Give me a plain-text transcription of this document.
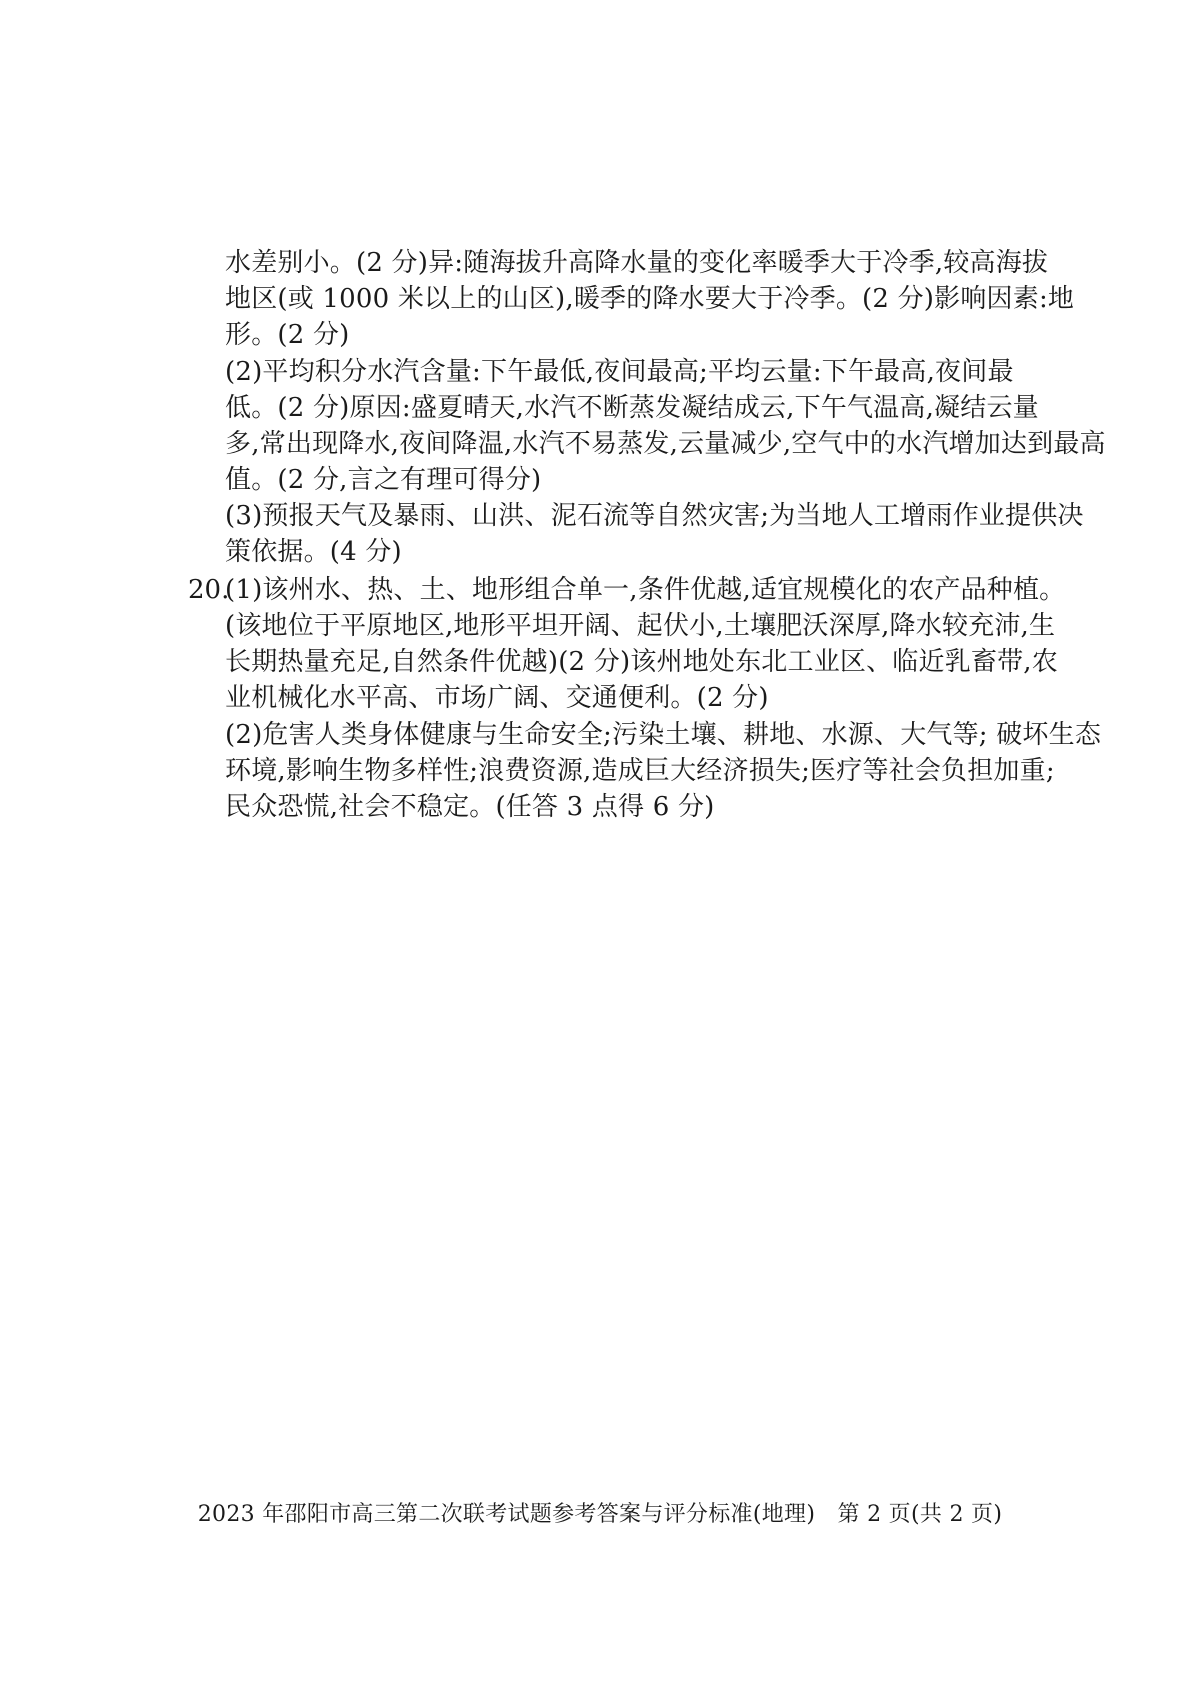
水差别小。(2 分)异:随海拔升高降水量的变化率暖季大于冷季,较高海拔
地区(或 1000 米以上的山区),暖季的降水要大于冷季。(2 分)影响因素:地
形。(2 分)
(2)平均积分水汽含量:下午最低,夜间最高;平均云量:下午最高,夜间最
低。(2 分)原因:盛夏晴天,水汽不断蒸发凝结成云,下午气温高,凝结云量
多,常出现降水,夜间降温,水汽不易蒸发,云量减少,空气中的水汽增加达到最高
值。(2 分,言之有理可得分)
(3)预报天气及暴雨、山洪、泥石流等自然灾害;为当地人工增雨作业提供决
策依据。(4 分)
20.
(1)该州水、热、土、地形组合单一,条件优越,适宜规模化的农产品种植。
(该地位于平原地区,地形平坦开阔、起伏小,土壤肥沃深厚,降水较充沛,生
长期热量充足,自然条件优越)(2 分)该州地处东北工业区、临近乳畜带,农
业机械化水平高、市场广阔、交通便利。(2 分)
(2)危害人类身体健康与生命安全;污染土壤、耕地、水源、大气等; 破坏生态
环境,影响生物多样性;浪费资源,造成巨大经济损失;医疗等社会负担加重;
民众恐慌,社会不稳定。(任答 3 点得 6 分)
2023 年邵阳市高三第二次联考试题参考答案与评分标准(地理)　第 2 页(共 2 页)
